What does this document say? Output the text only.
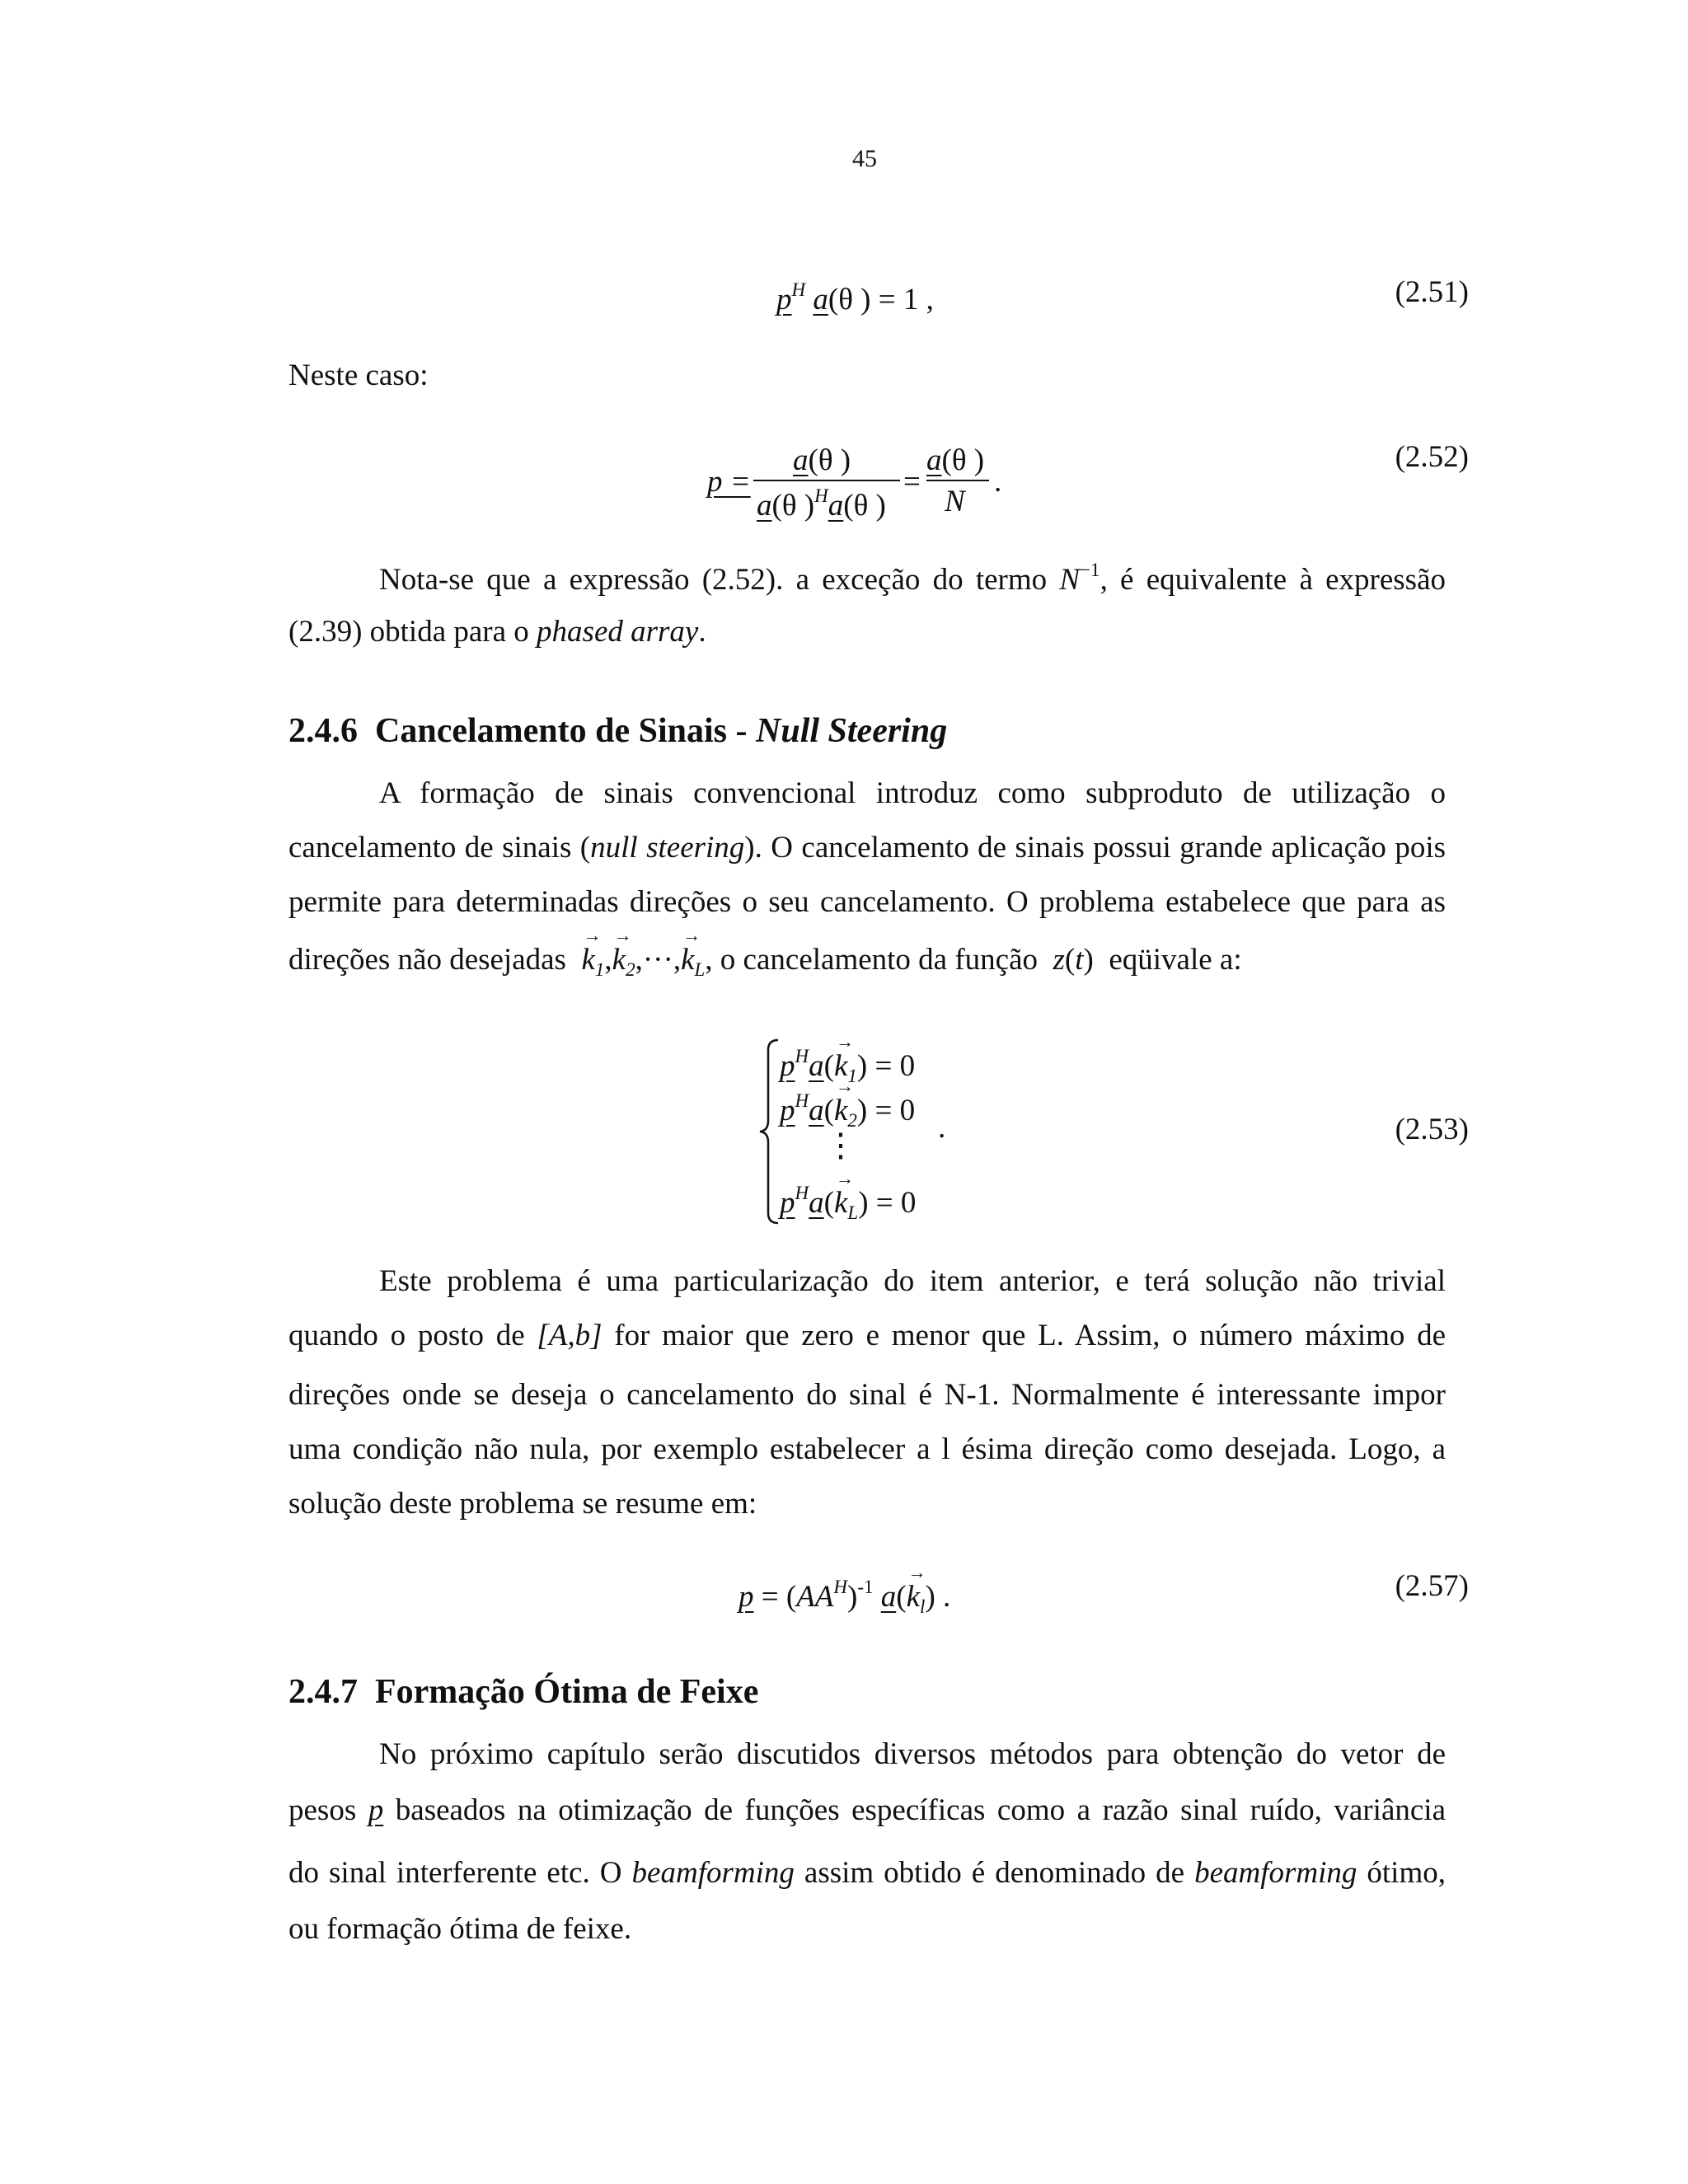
45
$p^H$ a(θ ) = 1 ,	(2.51)
Neste caso:
p =
a(θ )
a(θ )$^H$a(θ )
=
a(θ )
N
.
(2.52)
Nota-se que a expressão (2.52). a exceção do termo $N^{-1}$, é equivalente à expressão
(2.39) obtida para o phased array.
2.4.6 Cancelamento de Sinais - Null Steering
A formação de sinais convencional introduz como subproduto de utilização o
cancelamento de sinais (null steering). O cancelamento de sinais possui grande aplicação pois
permite para determinadas direções o seu cancelamento. O problema estabelece que para as
direções não desejadas  → $k_1,\to k_2,\cdot\cdot\cdot,\to k_L$, o cancelamento da função z(t)  eqüivale a:
$p^Ha(\to k_1) = 0$
$p^Ha(\to k_2) = 0$
⋮
$p^Ha(\to k_L) = 0$
.	(2.53)
Este problema é uma particularização do item anterior, e terá solução não trivial
quando o posto de [A,b] for maior que zero e menor que L. Assim, o número máximo de
direções onde se deseja o cancelamento do sinal é N-1. Normalmente é interessante impor
uma condição não nula, por exemplo estabelecer a l ésima direção como desejada. Logo, a
solução deste problema se resume em:
$p = (AA^H)^{-1}$ $a(\to k_l)$ .	(2.57)
2.4.7 Formação Ótima de Feixe
No próximo capítulo serão discutidos diversos métodos para obtenção do vetor de
pesos p baseados na otimização de funções específicas como a razão sinal ruído, variância
do sinal interferente etc. O beamforming assim obtido é denominado de beamforming ótimo,
ou formação ótima de feixe.
